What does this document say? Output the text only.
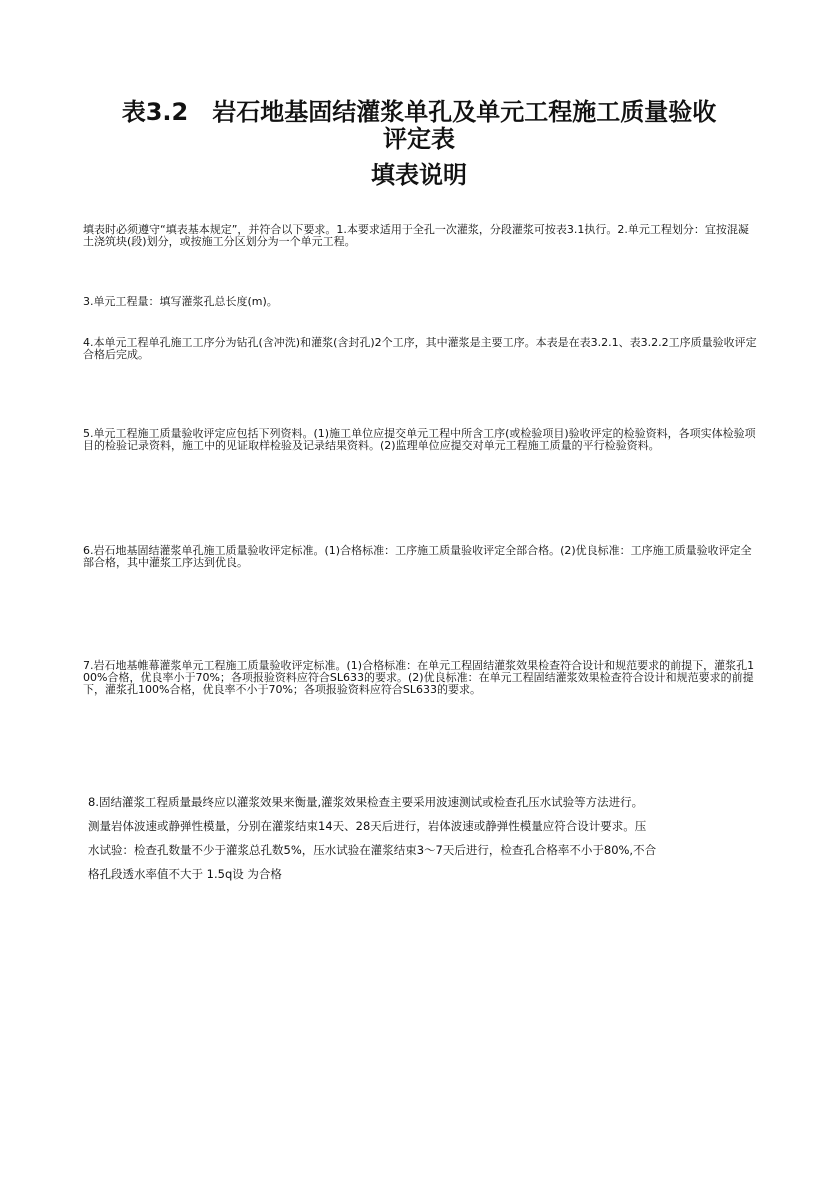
表3.2　岩石地基固结灌浆单孔及单元工程施工质量验收
评定表
填表说明

填表时必须遵守“填表基本规定”，并符合以下要求。1.本要求适用于全孔一次灌浆，分段灌浆可按表3.1执行。2.单元工程划分：宜按混凝土浇筑块(段)划分，或按施工分区划分为一个单元工程。

3.单元工程量：填写灌浆孔总长度(m)。

4.本单元工程单孔施工工序分为钻孔(含冲洗)和灌浆(含封孔)2个工序，其中灌浆是主要工序。本表是在表3.2.1、表3.2.2工序质量验收评定合格后完成。

5.单元工程施工质量验收评定应包括下列资料。(1)施工单位应提交单元工程中所含工序(或检验项目)验收评定的检验资料，各项实体检验项目的检验记录资料，施工中的见证取样检验及记录结果资料。(2)监理单位应提交对单元工程施工质量的平行检验资料。

6.岩石地基固结灌浆单孔施工质量验收评定标准。(1)合格标准：工序施工质量验收评定全部合格。(2)优良标准：工序施工质量验收评定全部合格，其中灌浆工序达到优良。

7.岩石地基帷幕灌浆单元工程施工质量验收评定标准。(1)合格标准：在单元工程固结灌浆效果检查符合设计和规范要求的前提下，灌浆孔100%合格，优良率小于70%；各项报验资料应符合SL633的要求。(2)优良标准：在单元工程固结灌浆效果检查符合设计和规范要求的前提下，灌浆孔100%合格，优良率不小于70%；各项报验资料应符合SL633的要求。

8.固结灌浆工程质量最终应以灌浆效果来衡量,灌浆效果检查主要采用波速测试或检查孔压水试验等方法进行。
测量岩体波速或静弹性模量，分别在灌浆结束14天、28天后进行，岩体波速或静弹性模量应符合设计要求。压
水试验：检查孔数量不少于灌浆总孔数5%，压水试验在灌浆结束3～7天后进行，检查孔合格率不小于80%,不合
格孔段透水率值不大于 1.5q设 为合格
